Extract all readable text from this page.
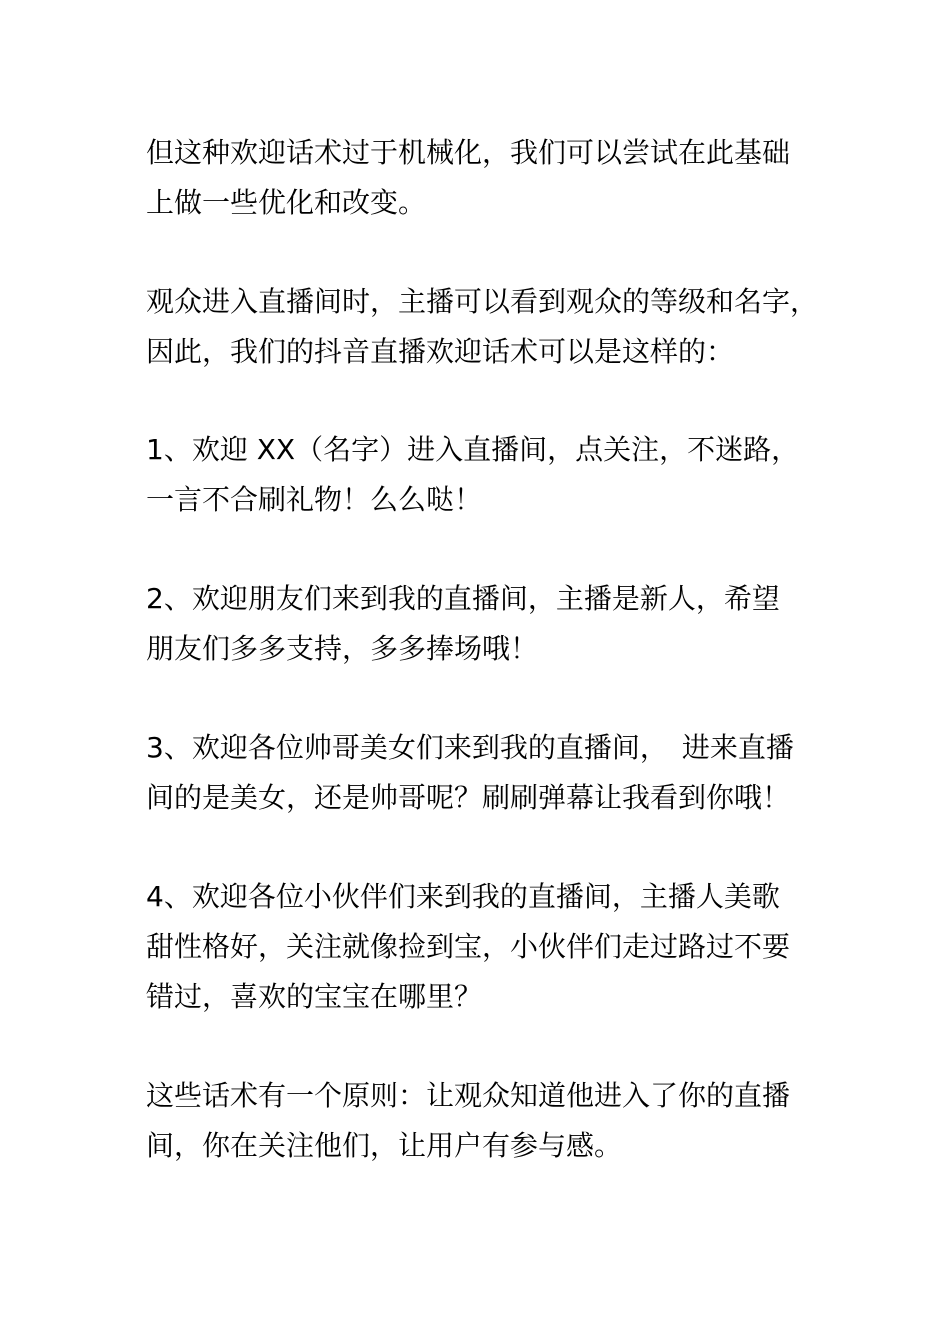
但这种欢迎话术过于机械化，我们可以尝试在此基础
上做一些优化和改变。

观众进入直播间时，主播可以看到观众的等级和名字，
因此，我们的抖音直播欢迎话术可以是这样的：

1、欢迎 XX（名字）进入直播间，点关注，不迷路，
一言不合刷礼物！么么哒！

2、欢迎朋友们来到我的直播间，主播是新人，希望
朋友们多多支持，多多捧场哦！

3、欢迎各位帅哥美女们来到我的直播间，　进来直播
间的是美女，还是帅哥呢？刷刷弹幕让我看到你哦！

4、欢迎各位小伙伴们来到我的直播间，主播人美歌
甜性格好，关注就像捡到宝，小伙伴们走过路过不要
错过，喜欢的宝宝在哪里？

这些话术有一个原则：让观众知道他进入了你的直播
间，你在关注他们，让用户有参与感。
